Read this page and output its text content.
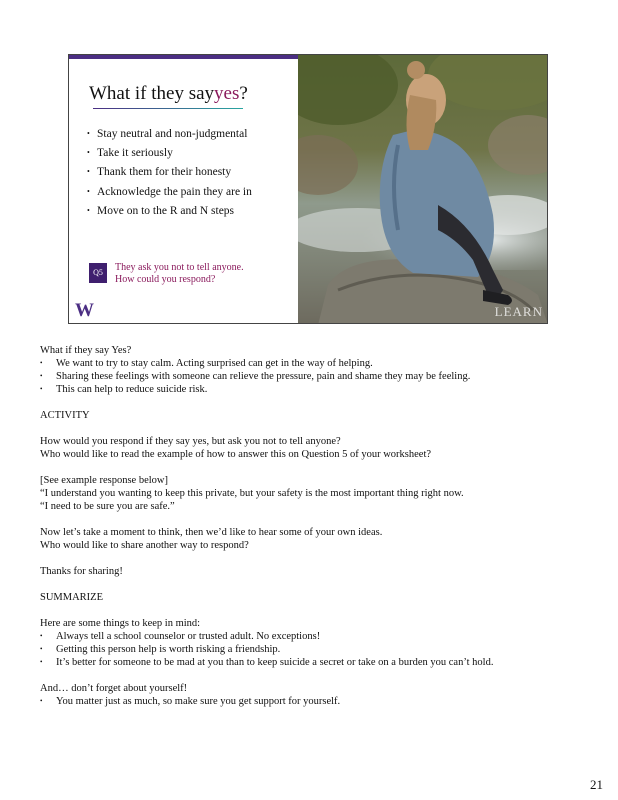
What if they sayyes?
• Stay neutral and non-judgmental
• Take it seriously
• Thank them for their honesty
• Acknowledge the pain they are in
• Move on to the R and N steps
Q5	They ask you not to tell anyone.
How could you respond?
W	LEARN

What if they say Yes?

• We want to try to stay calm. Acting surprised can get in the way of helping.

• Sharing these feelings with someone can relieve the pressure, pain and shame they may be feeling.

• This can help to reduce suicide risk.

ACTIVITY

How would you respond if they say yes, but ask you not to tell anyone?

Who would like to read the example of how to answer this on Question 5 of your worksheet?

[See example response below]

“I understand you wanting to keep this private, but your safety is the most important thing right now.

“I need to be sure you are safe.”

Now let’s take a moment to think, then we’d like to hear some of your own ideas.

Who would like to share another way to respond?

Thanks for sharing!

SUMMARIZE

Here are some things to keep in mind:

• Always tell a school counselor or trusted adult. No exceptions!

• Getting this person help is worth risking a friendship.

• It’s better for someone to be mad at you than to keep suicide a secret or take on a burden you can’t hold.

And… don’t forget about yourself!

• You matter just as much, so make sure you get support for yourself.

21
